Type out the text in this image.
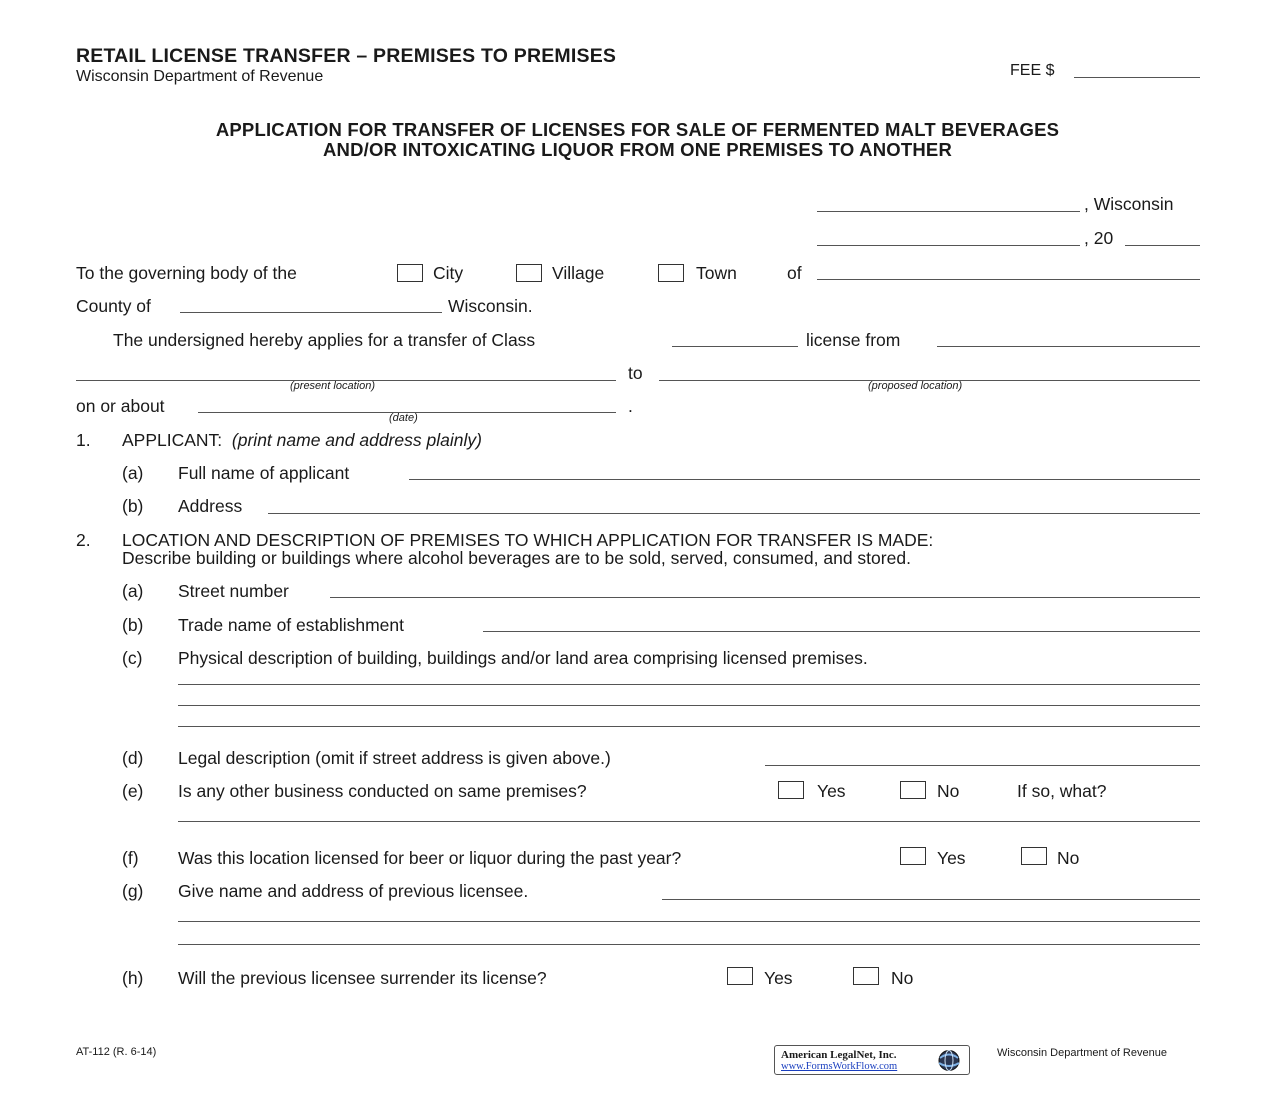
RETAIL LICENSE TRANSFER – PREMISES TO PREMISES
Wisconsin Department of Revenue	FEE $
APPLICATION FOR TRANSFER OF LICENSES FOR SALE OF FERMENTED MALT BEVERAGES
AND/OR INTOXICATING LIQUOR FROM ONE PREMISES TO ANOTHER
, Wisconsin
, 20
To the governing body of the	City	Village	Town	of
County of	Wisconsin.
The undersigned hereby applies for a transfer of Class	license from
(present location)
to
(proposed location)
on or about
(date)
.
1. APPLICANT: (print name and address plainly)
(a) Full name of applicant
(b) Address
2. LOCATION AND DESCRIPTION OF PREMISES TO WHICH APPLICATION FOR TRANSFER IS MADE:
Describe building or buildings where alcohol beverages are to be sold, served, consumed, and stored.
(a) Street number
(b) Trade name of establishment
(c) Physical description of building, buildings and/or land area comprising licensed premises.
(d) Legal description (omit if street address is given above.)
(e) Is any other business conducted on same premises?	Yes	No	If so, what?
(f) Was this location licensed for beer or liquor during the past year?	Yes	No
(g) Give name and address of previous licensee.
(h) Will the previous licensee surrender its license?	Yes	No
AT-112 (R. 6-14)	American LegalNet, Inc.
www.FormsWorkFlow.com
Wisconsin Department of Revenue
